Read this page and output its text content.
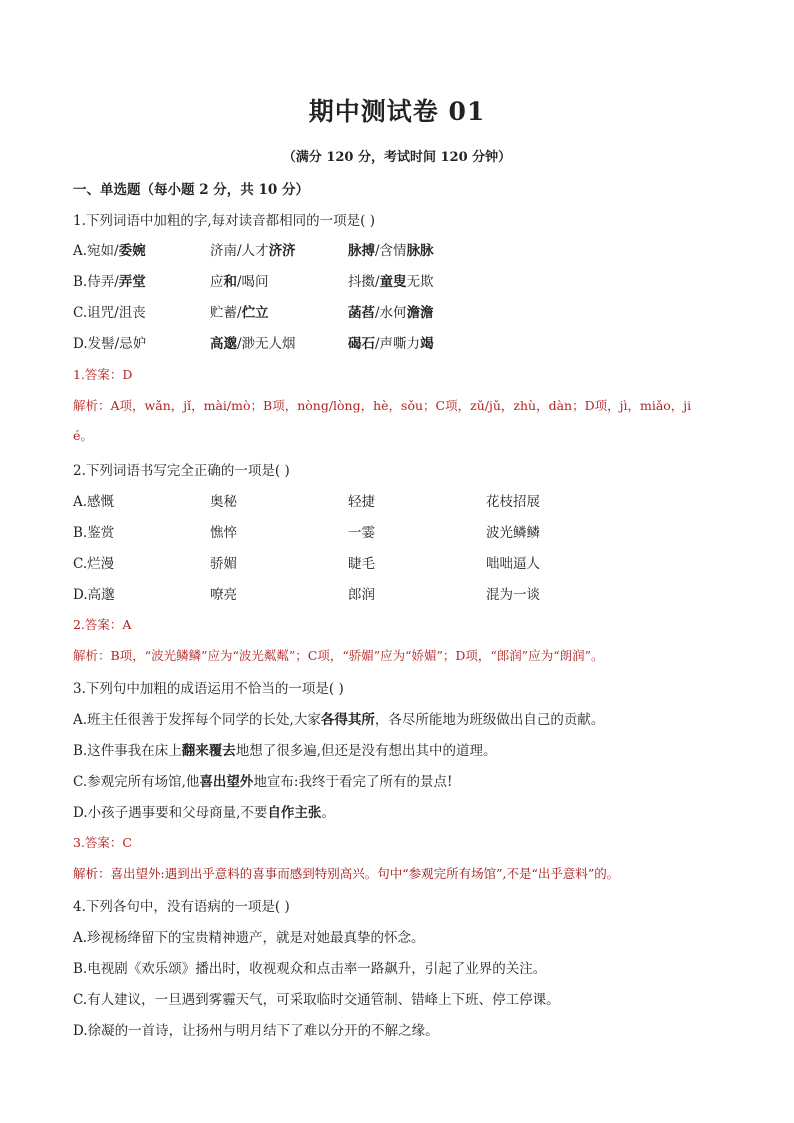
期中测试卷 01
（满分 120 分，考试时间 120 分钟）
一、单选题（每小题 2 分，共 10 分）
1.下列词语中加粗的字,每对读音都相同的一项是( )
A.宛如/委婉	济南/人才济济	脉搏/含情脉脉
B.侍弄/弄堂	应和/喝问	抖擞/童叟无欺
C.诅咒/沮丧	贮蓄/伫立	菡萏/水何澹澹
D.发髻/忌妒	高邈/渺无人烟	碣石/声嘶力竭
1.答案：D
解析：A项，wǎn，jǐ，mài/mò；B项，nòng/lòng，hè，sǒu；C项，zǔ/jǔ，zhù，dàn；D项，jì，miǎo，ji
é。
2.下列词语书写完全正确的一项是( )
A.感慨	奥秘	轻捷	花枝招展
B.鉴赏	憔悴	一霎	波光鳞鳞
C.烂漫	骄媚	睫毛	咄咄逼人
D.高邈	嘹亮	郎润	混为一谈
2.答案：A
解析：B项，“波光鳞鳞”应为“波光粼粼”；C项，“骄媚”应为“娇媚”；D项，“郎润”应为“朗润”。
3.下列句中加粗的成语运用不恰当的一项是( )
A.班主任很善于发挥每个同学的长处,大家各得其所，各尽所能地为班级做出自己的贡献。
B.这件事我在床上翻来覆去地想了很多遍,但还是没有想出其中的道理。
C.参观完所有场馆,他喜出望外地宣布:我终于看完了所有的景点!
D.小孩子遇事要和父母商量,不要自作主张。
3.答案：C
解析：喜出望外:遇到出乎意料的喜事而感到特别高兴。句中“参观完所有场馆”,不是“出乎意料”的。
4.下列各句中，没有语病的一项是( )
A.珍视杨绛留下的宝贵精神遗产，就是对她最真挚的怀念。
B.电视剧《欢乐颂》播出时，收视观众和点击率一路飙升，引起了业界的关注。
C.有人建议，一旦遇到雾霾天气，可采取临时交通管制、错峰上下班、停工停课。
D.徐凝的一首诗，让扬州与明月结下了难以分开的不解之缘。
